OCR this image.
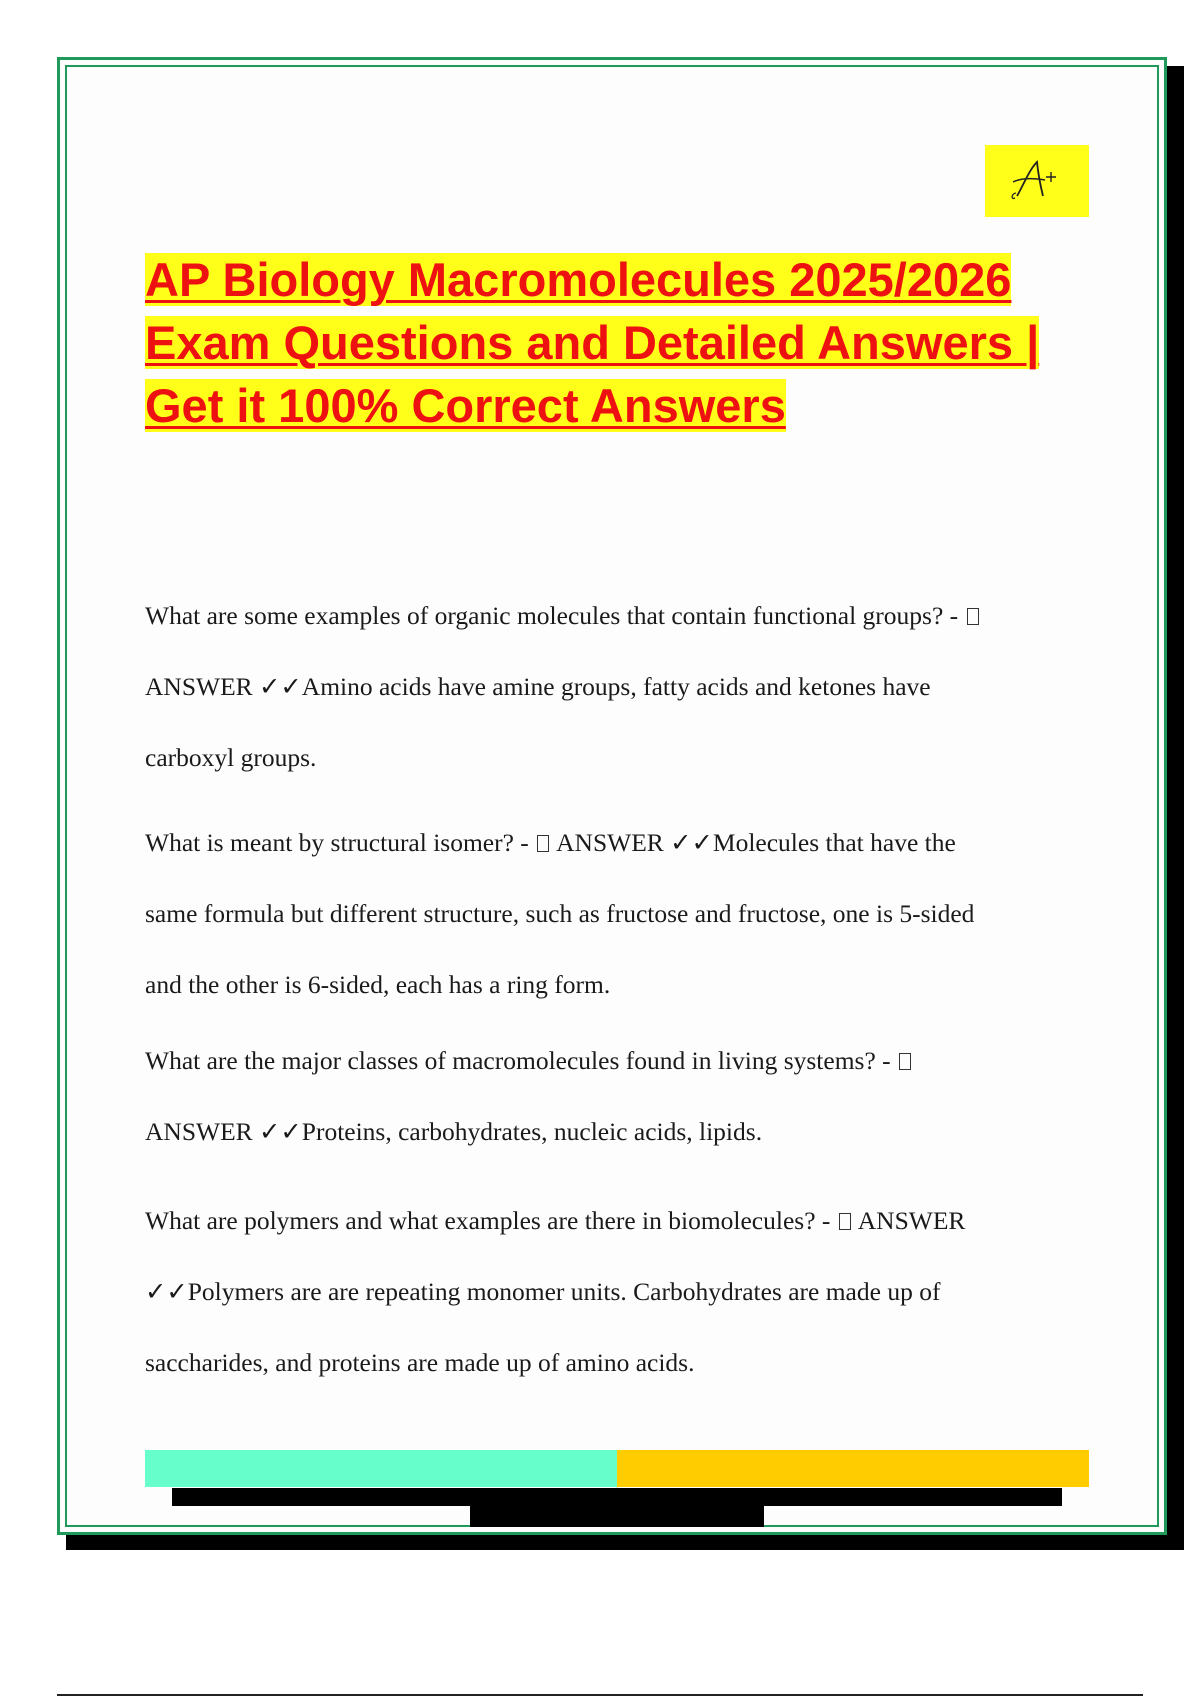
AP Biology Macromolecules 2025/2026
Exam Questions and Detailed Answers |
Get it 100% Correct Answers
What are some examples of organic molecules that contain functional groups? -
ANSWER ✓✓Amino acids have amine groups, fatty acids and ketones have
carboxyl groups.
What is meant by structural isomer? -  ANSWER ✓✓Molecules that have the
same formula but different structure, such as fructose and fructose, one is 5-sided
and the other is 6-sided, each has a ring form.
What are the major classes of macromolecules found in living systems? -
ANSWER ✓✓Proteins, carbohydrates, nucleic acids, lipids.
What are polymers and what examples are there in biomolecules? -  ANSWER
✓✓Polymers are are repeating monomer units. Carbohydrates are made up of
saccharides, and proteins are made up of amino acids.
